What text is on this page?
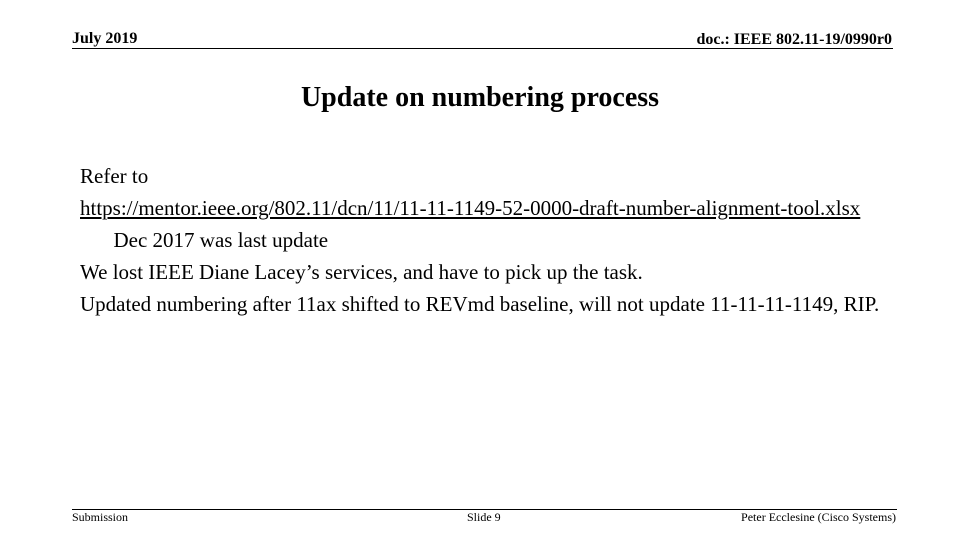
July 2019	doc.: IEEE 802.11-19/0990r0
Update on numbering process

Refer to

https://mentor.ieee.org/802.11/dcn/11/11-11-1149-52-0000-draft-number-alignment-tool.xlsx  Dec 2017 was last update

We lost IEEE Diane Lacey’s services, and have to pick up the task.

Updated numbering after 11ax shifted to REVmd baseline, will not update 11-11-11-1149, RIP.

Submission	Slide 9	Peter Ecclesine (Cisco Systems)
